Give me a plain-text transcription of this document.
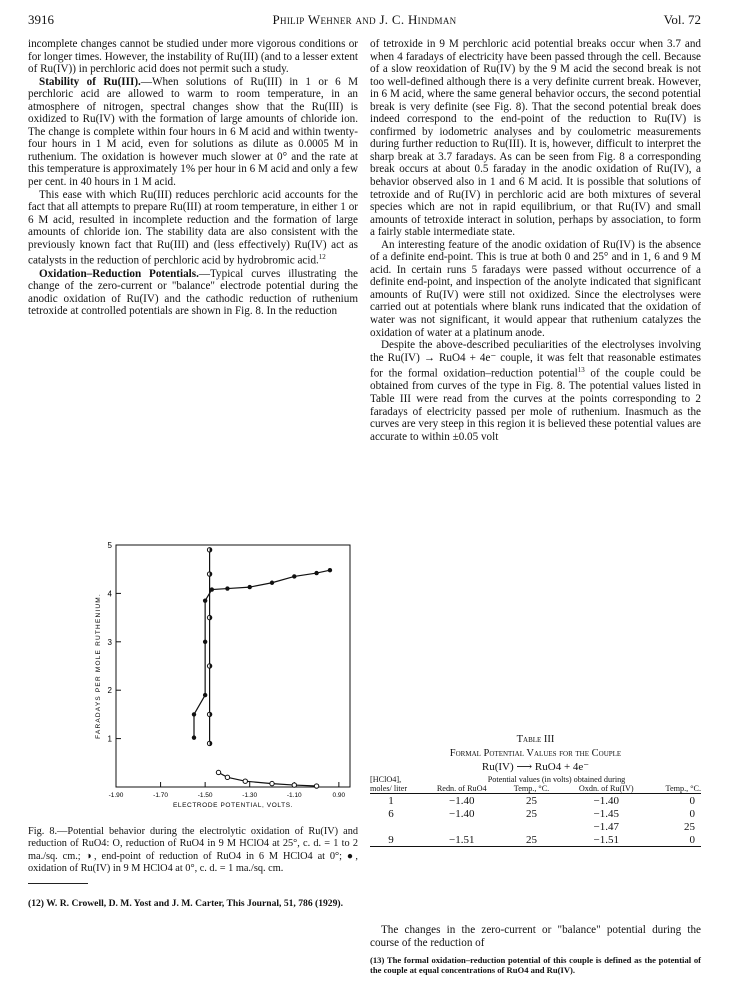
3916	Philip Wehner and J. C. Hindman	Vol. 72

incomplete changes cannot be studied under more vigorous conditions or for longer times. However, the instability of Ru(III) (and to a lesser extent of Ru(IV)) in perchloric acid does not permit such a study.

Stability of Ru(III).—When solutions of Ru(III) in 1 or 6 M perchloric acid are allowed to warm to room temperature, in an atmosphere of nitrogen, spectral changes show that the Ru(III) is oxidized to Ru(IV) with the formation of large amounts of chloride ion. The change is complete within four hours in 6 M acid and within twenty-four hours in 1 M acid, even for solutions as dilute as 0.0005 M in ruthenium. The oxidation is however much slower at 0° and the rate at this temperature is approximately 1% per hour in 6 M acid and only a few per cent. in 40 hours in 1 M acid.

This ease with which Ru(III) reduces perchloric acid accounts for the fact that all attempts to prepare Ru(III) at room temperature, in either 1 or 6 M acid, resulted in incomplete reduction and the formation of large amounts of chloride ion. The stability data are also consistent with the previously known fact that Ru(III) and (less effectively) Ru(IV) act as catalysts in the reduction of perchloric acid by hydrobromic acid.$^{12}$

Oxidation–Reduction Potentials.—Typical curves illustrating the change of the zero-current or "balance" electrode potential during the anodic oxidation of Ru(IV) and the cathodic reduction of ruthenium tetroxide at controlled potentials are shown in Fig. 8. In the reduction

1
2
3
4
5
-1.90	-1.70	-1.50	-1.30	-1.10	0.90
ELECTRODE POTENTIAL, VOLTS.
FARADAYS PER MOLE RUTHENIUM.
Fig. 8.—Potential behavior during the electrolytic oxidation of Ru(IV) and reduction of RuO4: O, reduction of RuO4 in 9 M HClO4 at 25°, c. d. = 1 to 2 ma./sq. cm.; ◑, end-point of reduction of RuO4 in 6 M HClO4 at 0°; ●, oxidation of Ru(IV) in 9 M HClO4 at 0°, c. d. = 1 ma./sq. cm.
(12) W. R. Crowell, D. M. Yost and J. M. Carter, This Journal, 51, 786 (1929).

of tetroxide in 9 M perchloric acid potential breaks occur when 3.7 and when 4 faradays of electricity have been passed through the cell. Because of a slow reoxidation of Ru(IV) by the 9 M acid the second break is not too well-defined although there is a very definite current break. However, in 6 M acid, where the same general behavior occurs, the second potential break is very definite (see Fig. 8). That the second potential break does indeed correspond to the end-point of the reduction to Ru(IV) is confirmed by iodometric analyses and by coulometric measurements during further reduction to Ru(III). It is, however, difficult to interpret the sharp break at 3.7 faradays. As can be seen from Fig. 8 a corresponding break occurs at about 0.5 faraday in the anodic oxidation of Ru(IV), a behavior observed also in 1 and 6 M acid. It is possible that solutions of tetroxide and of Ru(IV) in perchloric acid are both mixtures of several species which are not in rapid equilibrium, or that Ru(IV) and small amounts of tetroxide interact in solution, perhaps by association, to form a fairly stable intermediate state.

An interesting feature of the anodic oxidation of Ru(IV) is the absence of a definite end-point. This is true at both 0 and 25° and in 1, 6 and 9 M acid. In certain runs 5 faradays were passed without occurrence of a definite end-point, and inspection of the anolyte indicated that significant amounts of Ru(IV) were still not oxidized. Since the electrolyses were carried out at potentials where blank runs indicated that the oxidation of water was not significant, it would appear that ruthenium catalyzes the oxidation of water at a platinum anode.

Despite the above-described peculiarities of the electrolyses involving the Ru(IV) → RuO4 + 4e⁻ couple, it was felt that reasonable estimates for the formal oxidation–reduction potential$^{13}$ of the couple could be obtained from curves of the type in Fig. 8. The potential values listed in Table III were read from the curves at the points corresponding to 2 faradays of electricity passed per mole of ruthenium. Inasmuch as the curves are very steep in this region it is believed these potential values are accurate to within ±0.05 volt

Table III
Formal Potential Values for the Couple
Ru(IV) ⟶ RuO4 + 4e⁻
[HClO4], moles/ liter	Potential values (in volts) obtained during			
	Redn. of RuO4	Temp., °C.	Oxdn. of Ru(IV)	Temp., °C.
1	−1.40	25	−1.40	0
6	−1.40	25	−1.45	0
			−1.47	25
9	−1.51	25	−1.51	0

The changes in the zero-current or "balance" potential during the course of the reduction of

(13) The formal oxidation–reduction potential of this couple is defined as the potential of the couple at equal concentrations of RuO4 and Ru(IV).
